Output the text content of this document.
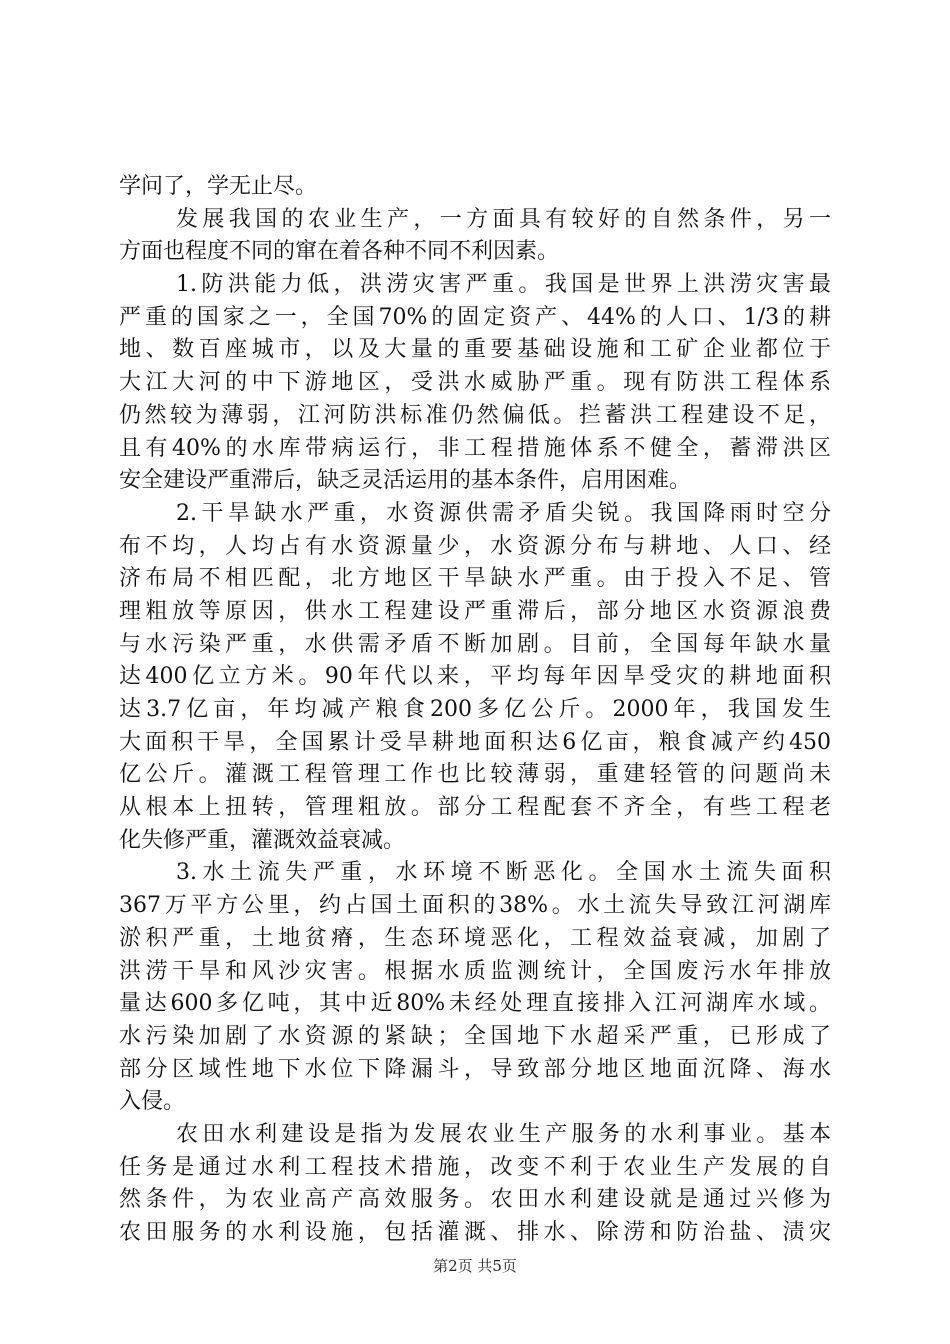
学问了，学无止尽。
发展我国的农业生产，一方面具有较好的自然条件，另一
方面也程度不同的窜在着各种不同不利因素。
1.防洪能力低，洪涝灾害严重。我国是世界上洪涝灾害最
严重的国家之一，全国70%的固定资产、44%的人口、1/3的耕
地、数百座城市，以及大量的重要基础设施和工矿企业都位于
大江大河的中下游地区，受洪水威胁严重。现有防洪工程体系
仍然较为薄弱，江河防洪标准仍然偏低。拦蓄洪工程建设不足，
且有40%的水库带病运行，非工程措施体系不健全，蓄滞洪区
安全建设严重滞后，缺乏灵活运用的基本条件，启用困难。
2.干旱缺水严重，水资源供需矛盾尖锐。我国降雨时空分
布不均，人均占有水资源量少，水资源分布与耕地、人口、经
济布局不相匹配，北方地区干旱缺水严重。由于投入不足、管
理粗放等原因，供水工程建设严重滞后，部分地区水资源浪费
与水污染严重，水供需矛盾不断加剧。目前，全国每年缺水量
达400亿立方米。90年代以来，平均每年因旱受灾的耕地面积
达3.7亿亩，年均减产粮食200多亿公斤。2000年，我国发生
大面积干旱，全国累计受旱耕地面积达6亿亩，粮食减产约450
亿公斤。灌溉工程管理工作也比较薄弱，重建轻管的问题尚未
从根本上扭转，管理粗放。部分工程配套不齐全，有些工程老
化失修严重，灌溉效益衰减。
3.水土流失严重，水环境不断恶化。全国水土流失面积
367万平方公里，约占国土面积的38%。水土流失导致江河湖库
淤积严重，土地贫瘠，生态环境恶化，工程效益衰减，加剧了
洪涝干旱和风沙灾害。根据水质监测统计，全国废污水年排放
量达600多亿吨，其中近80%未经处理直接排入江河湖库水域。
水污染加剧了水资源的紧缺；全国地下水超采严重，已形成了
部分区域性地下水位下降漏斗，导致部分地区地面沉降、海水
入侵。
农田水利建设是指为发展农业生产服务的水利事业。基本
任务是通过水利工程技术措施，改变不利于农业生产发展的自
然条件，为农业高产高效服务。农田水利建设就是通过兴修为
农田服务的水利设施，包括灌溉、排水、除涝和防治盐、渍灾
第2页 共5页
